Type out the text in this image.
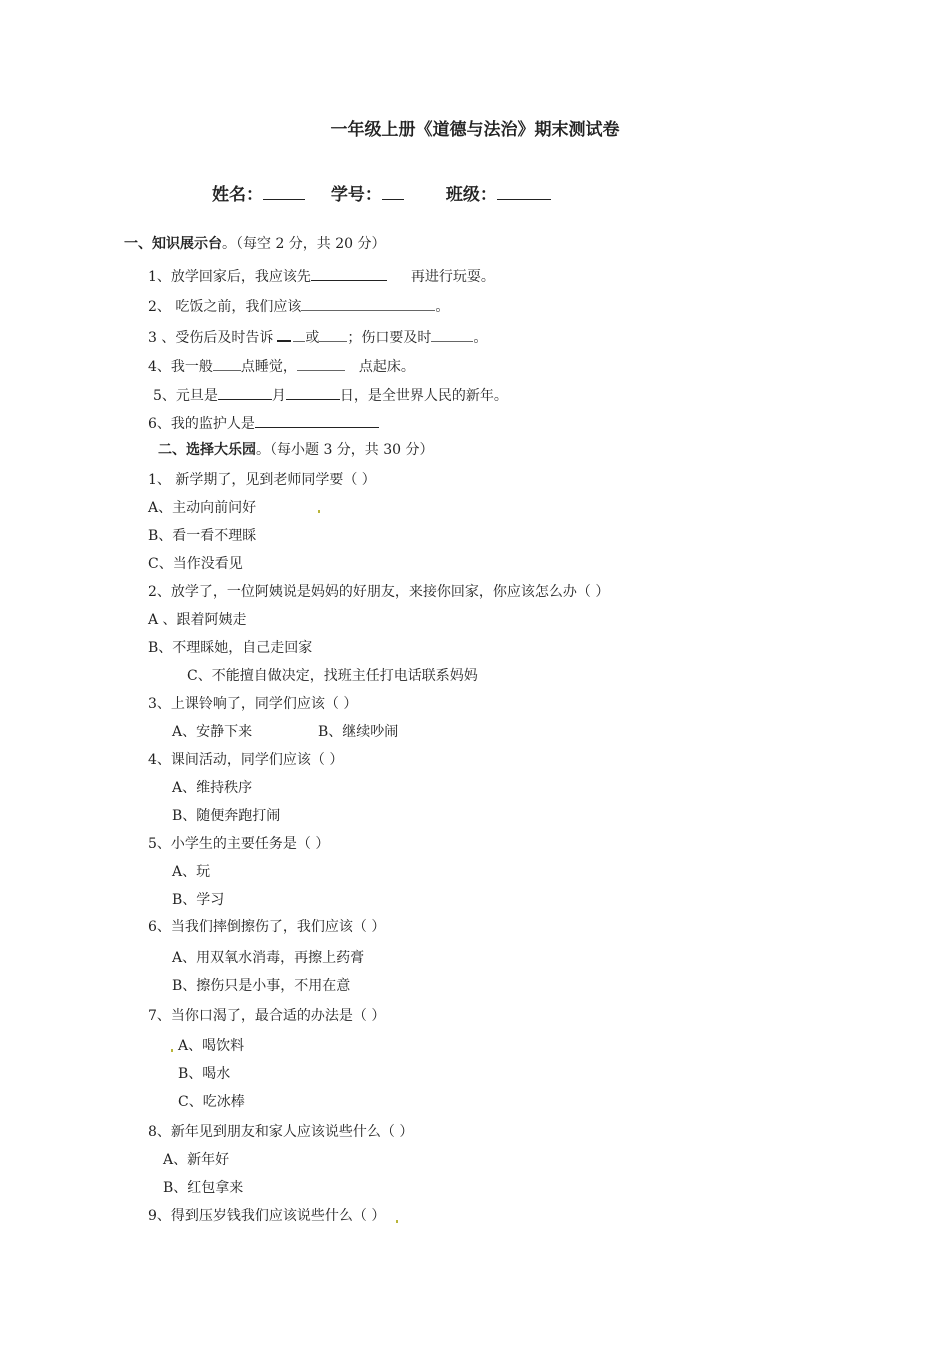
一年级上册《道德与法治》期末测试卷
姓名：	学号：	班级：
一、知识展示台。（每空 2 分，共 20 分）
1、放学回家后，我应该先	再进行玩耍。
2、 吃饭之前，我们应该	。
3 、受伤后及时告诉 或 ；伤口要及时	。
4、我一般 点睡觉，	点起床。
5、元旦是	月	日，是全世界人民的新年。
6、我的监护人是
二、选择大乐园。（每小题 3 分，共 30 分）
1、 新学期了，见到老师同学要（ ）
A、主动向前问好
B、看一看不理睬
C、当作没看见
2、放学了，一位阿姨说是妈妈的好朋友，来接你回家，你应该怎么办（ ）
A 、跟着阿姨走
B、不理睬她，自己走回家
C、不能擅自做决定，找班主任打电话联系妈妈
3、上课铃响了，同学们应该（ ）
A、安静下来	B、继续吵闹
4、课间活动，同学们应该（ ）
A、维持秩序
B、随便奔跑打闹
5、小学生的主要任务是（ ）
A、玩
B、学习
6、当我们摔倒擦伤了，我们应该（ ）
A、用双氧水消毒，再擦上药膏
B、擦伤只是小事，不用在意
7、当你口渴了，最合适的办法是（ ）
A、喝饮料
B、喝水
C、吃冰棒
8、新年见到朋友和家人应该说些什么（ ）
A、新年好
B、红包拿来
9、得到压岁钱我们应该说些什么（ ）
